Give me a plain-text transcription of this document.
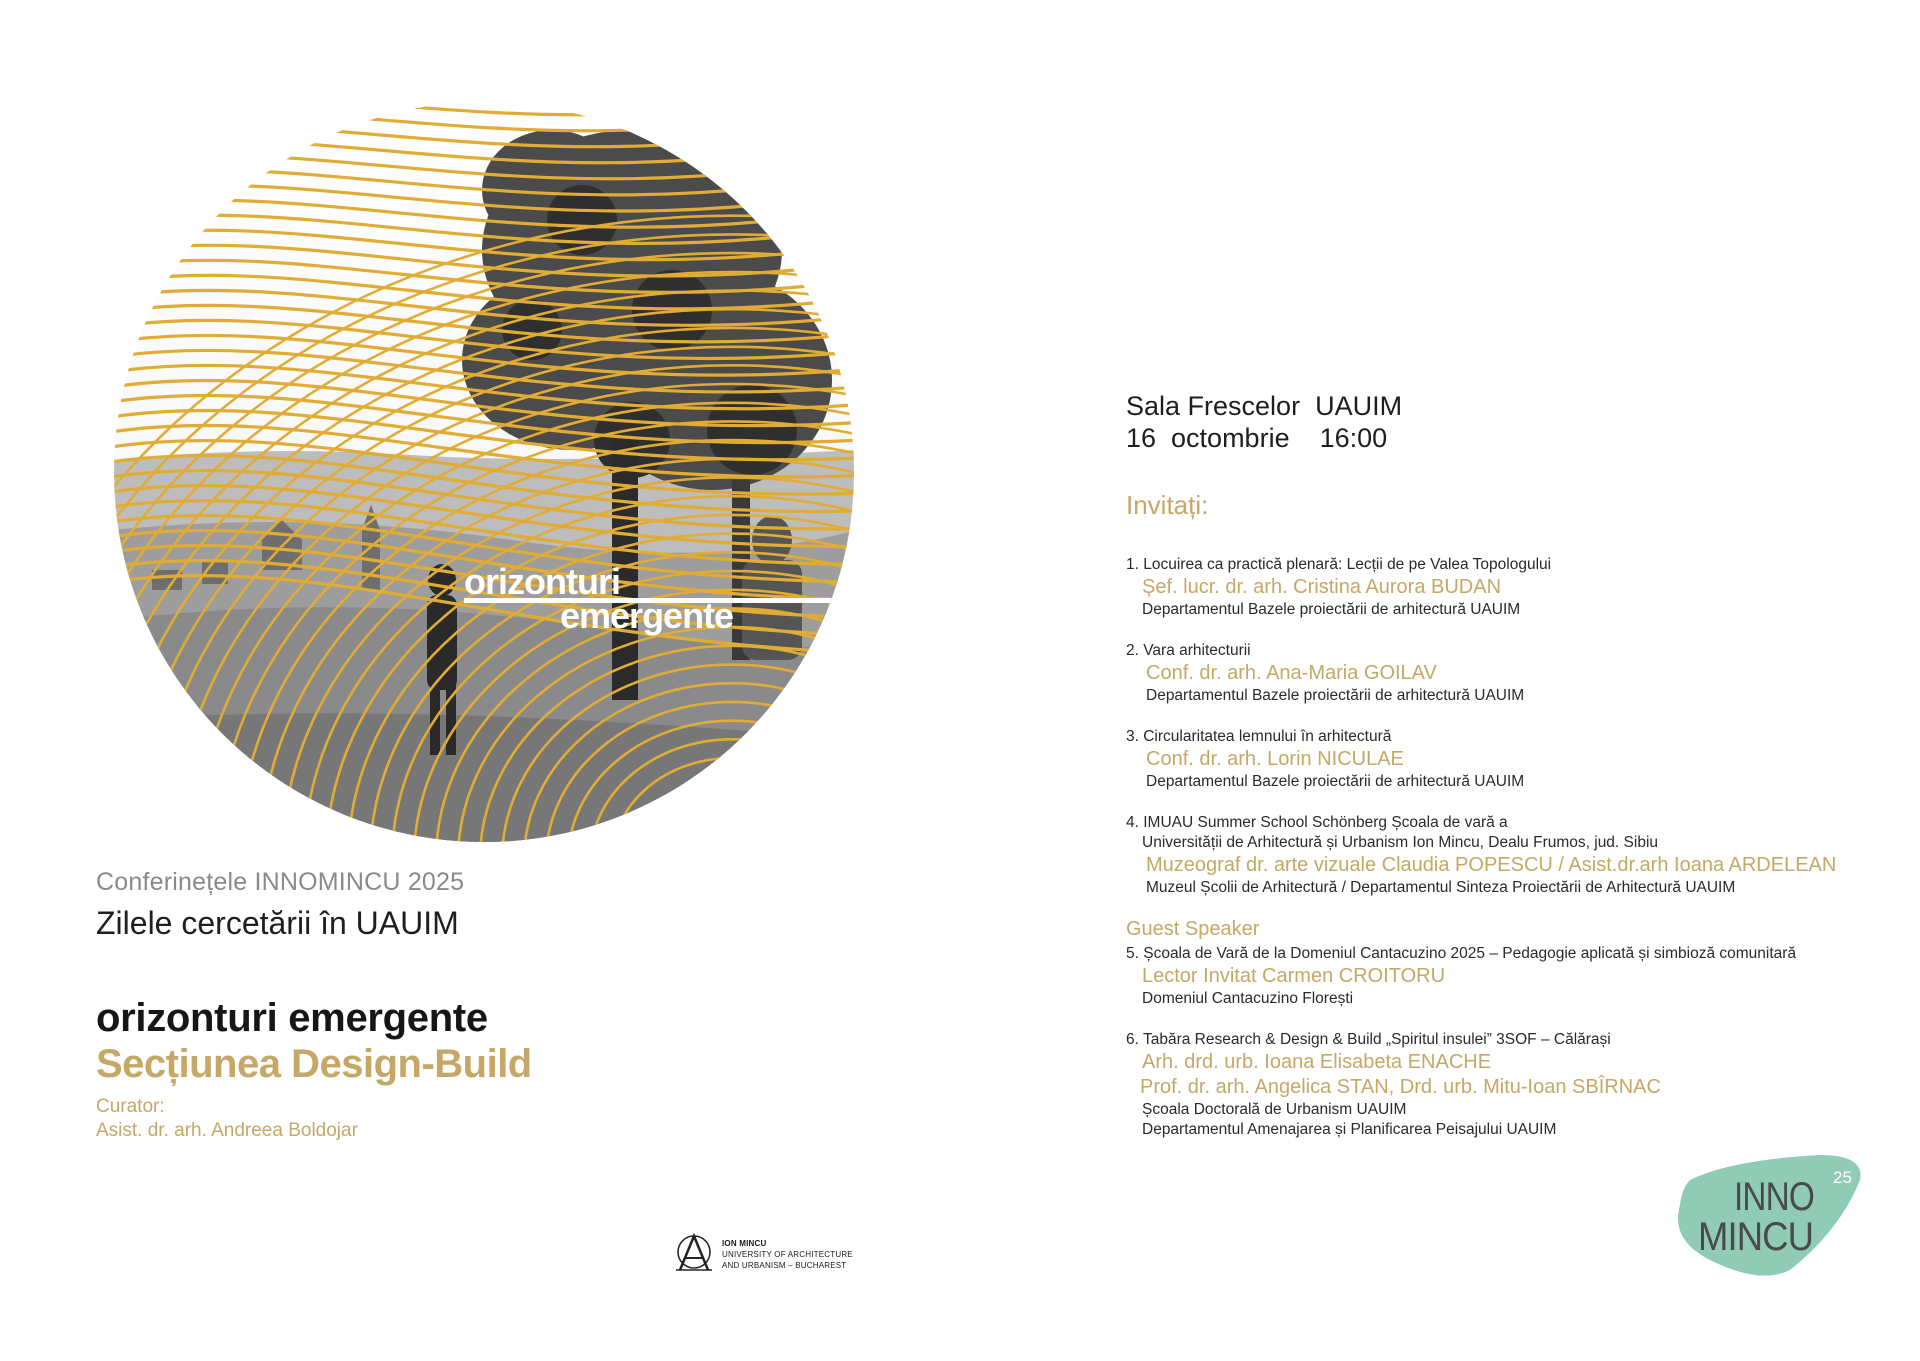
orizonturi
emergente
Conferinețele INNOMINCU 2025
Zilele cercetării în UAUIM
orizonturi emergente
Secțiunea Design-Build
Curator:
Asist. dr. arh. Andreea Boldojar
ION MINCU
UNIVERSITY OF ARCHITECTURE
AND URBANISM – BUCHAREST
Sala Frescelor  UAUIM
16  octombrie    16:00
Invitați:
1. Locuirea ca practică plenară: Lecții de pe Valea Topologului
Șef. lucr. dr. arh. Cristina Aurora BUDAN
Departamentul Bazele proiectării de arhitectură UAUIM
2. Vara arhitecturii
Conf. dr. arh. Ana-Maria GOILAV
Departamentul Bazele proiectării de arhitectură UAUIM
3. Circularitatea lemnului în arhitectură
Conf. dr. arh. Lorin NICULAE
Departamentul Bazele proiectării de arhitectură UAUIM
4. IMUAU Summer School Schönberg Școala de vară a
Universității de Arhitectură și Urbanism Ion Mincu, Dealu Frumos, jud. Sibiu
Muzeograf dr. arte vizuale Claudia POPESCU / Asist.dr.arh Ioana ARDELEAN
Muzeul Școlii de Arhitectură / Departamentul Sinteza Proiectării de Arhitectură UAUIM
Guest Speaker
5. Școala de Vară de la Domeniul Cantacuzino 2025 – Pedagogie aplicată și simbioză comunitară
Lector Invitat Carmen CROITORU
Domeniul Cantacuzino Florești
6. Tabăra Research & Design & Build „Spiritul insulei” 3SOF – Călărași
Arh. drd. urb. Ioana Elisabeta ENACHE
Prof. dr. arh. Angelica STAN, Drd. urb. Mitu-Ioan SBÎRNAC
Școala Doctorală de Urbanism UAUIM
Departamentul Amenajarea și Planificarea Peisajului UAUIM
INNO
MINCU
25
